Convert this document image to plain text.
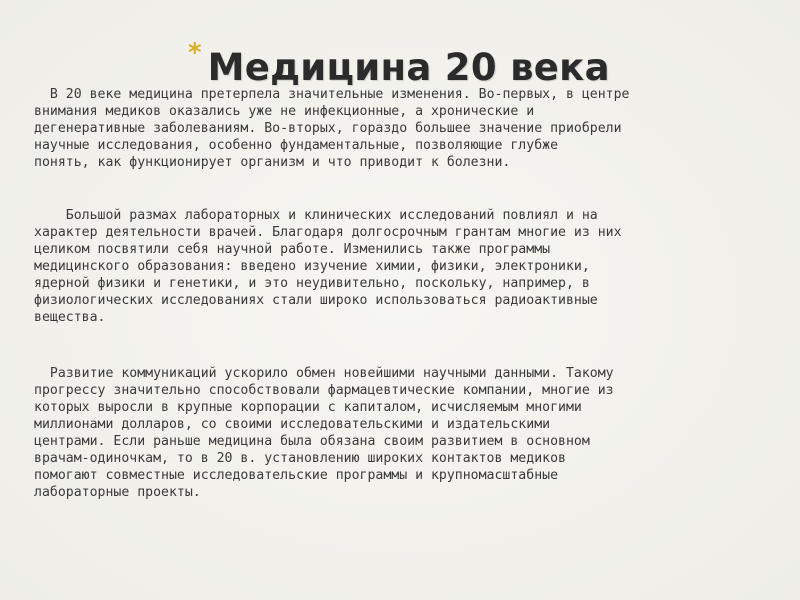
В 20 веке медицина претерпела значительные изменения. Во-первых, в центре
внимания медиков оказались уже не инфекционные, а хронические и
дегенеративные заболеваниям. Во-вторых, гораздо большее значение приобрели
научные исследования, особенно фундаментальные, позволяющие глубже
понять, как функционирует организм и что приводит к болезни.

Большой размах лабораторных и клинических исследований повлиял и на
характер деятельности врачей. Благодаря долгосрочным грантам многие из них
целиком посвятили себя научной работе. Изменились также программы
медицинского образования: введено изучение химии, физики, электроники,
ядерной физики и генетики, и это неудивительно, поскольку, например, в
физиологических исследованиях стали широко использоваться радиоактивные
вещества.

Развитие коммуникаций ускорило обмен новейшими научными данными. Такому
прогрессу значительно способствовали фармацевтические компании, многие из
которых выросли в крупные корпорации с капиталом, исчисляемым многими
миллионами долларов, со своими исследовательскими и издательскими
центрами. Если раньше медицина была обязана своим развитием в основном
врачам-одиночкам, то в 20 в. установлению широких контактов медиков
помогают совместные исследовательские программы и крупномасштабные
лабораторные проекты.

* Медицина 20 века
